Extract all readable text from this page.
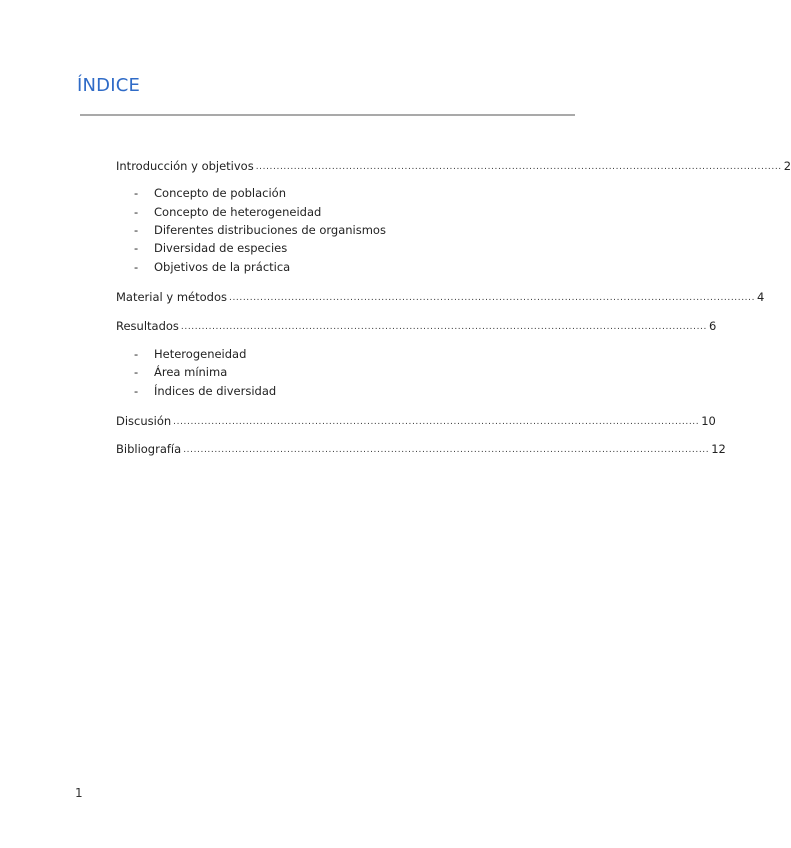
ÍNDICE
Introducción y objetivos ........................................................................................................................................................ 2
-	Concepto de población
-	Concepto de heterogeneidad
-	Diferentes distribuciones de organismos
-	Diversidad de especies
-	Objetivos de la práctica
Material y métodos ........................................................................................................................................................ 4
Resultados ........................................................................................................................................................ 6
-	Heterogeneidad
-	Área mínima
-	Índices de diversidad
Discusión ........................................................................................................................................................ 10
Bibliografía ........................................................................................................................................................ 12
1
